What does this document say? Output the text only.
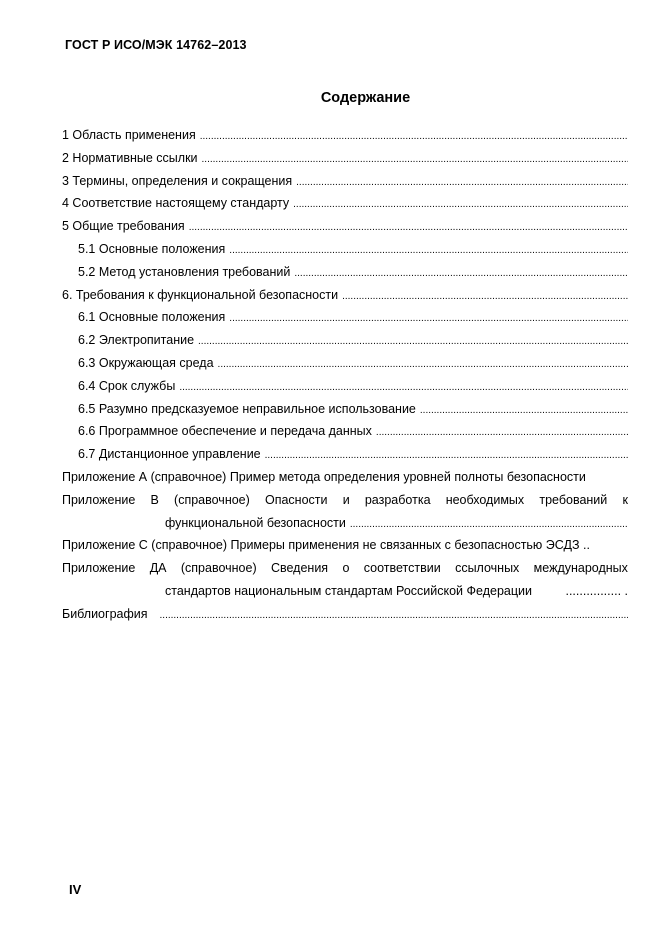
ГОСТ Р ИСО/МЭК 14762–2013
Содержание
1 Область применения
.....
2 Нормативные ссылки
.....
3 Термины, определения и сокращения
.....
4 Соответствие настоящему стандарту
.....
5 Общие требования
.....
5.1 Основные положения
.....
5.2 Метод установления требований
.....
6. Требования к функциональной безопасности
.....
6.1 Основные положения
.....
6.2 Электропитание
.....
6.3 Окружающая среда
.....
6.4 Срок службы
.....
6.5 Разумно предсказуемое неправильное использование
.....
6.6 Программное обеспечение и передача данных
.....
6.7 Дистанционное управление
.....
Приложение А (справочное) Пример метода определения уровней полноты безопасности
Приложение В (справочное) Опасности и разработка необходимых требований к
функциональной безопасности
.....
Приложение С (справочное) Примеры применения не связанных с безопасностью ЭСДЗ ..
Приложение ДА (справочное) Сведения о соответствии ссылочных международных
стандартов национальным стандартам Российской Федерации	................ .
Библиография
.....
IV
